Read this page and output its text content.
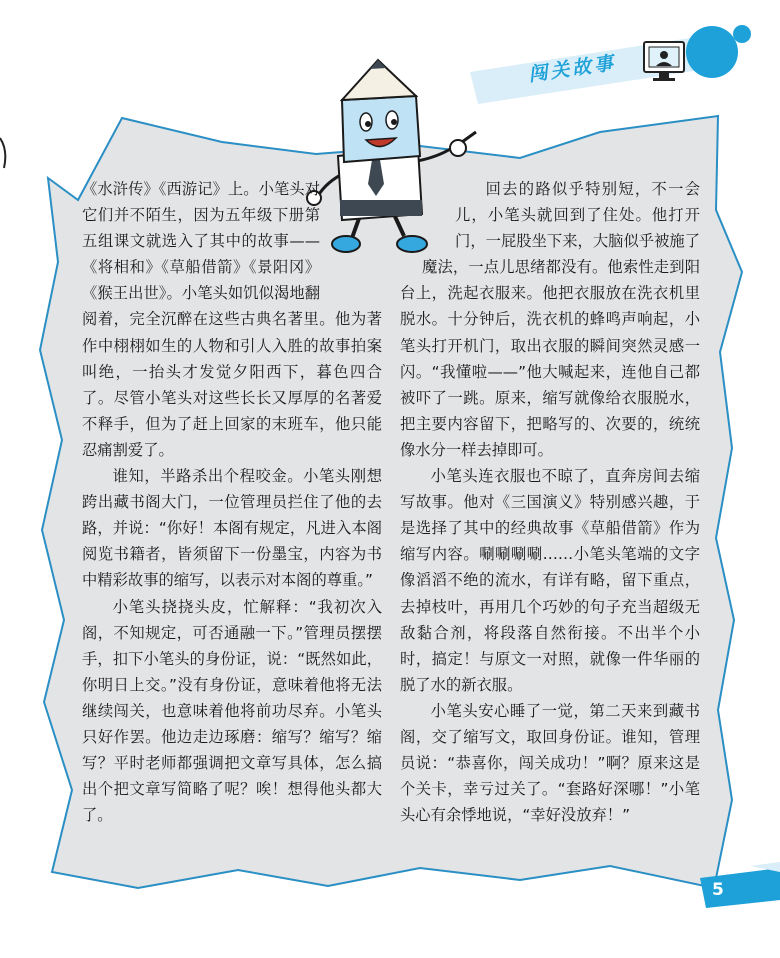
闯关故事

《水浒传》《西游记》上。小笔头对它们并不陌生，因为五年级下册第五组课文就选入了其中的故事——《将相和》《草船借箭》《景阳冈》《猴王出世》。小笔头如饥似渴地翻阅着，完全沉醉在这些古典名著里。他为著作中栩栩如生的人物和引人入胜的故事拍案叫绝，一抬头才发觉夕阳西下，暮色四合了。尽管小笔头对这些长长又厚厚的名著爱不释手，但为了赶上回家的末班车，他只能忍痛割爱了。

谁知，半路杀出个程咬金。小笔头刚想跨出藏书阁大门，一位管理员拦住了他的去路，并说：“你好！本阁有规定，凡进入本阁阅览书籍者，皆须留下一份墨宝，内容为书中精彩故事的缩写，以表示对本阁的尊重。”

小笔头挠挠头皮，忙解释：“我初次入阁，不知规定，可否通融一下。”管理员摆摆手，扣下小笔头的身份证，说：“既然如此，你明日上交。”没有身份证，意味着他将无法继续闯关，也意味着他将前功尽弃。小笔头只好作罢。他边走边琢磨：缩写？缩写？缩写？平时老师都强调把文章写具体，怎么搞出个把文章写简略了呢？唉！想得他头都大了。

回去的路似乎特别短，不一会儿，小笔头就回到了住处。他打开门，一屁股坐下来，大脑似乎被施了魔法，一点儿思绪都没有。他索性走到阳台上，洗起衣服来。他把衣服放在洗衣机里脱水。十分钟后，洗衣机的蜂鸣声响起，小笔头打开机门，取出衣服的瞬间突然灵感一闪。“我懂啦——”他大喊起来，连他自己都被吓了一跳。原来，缩写就像给衣服脱水，把主要内容留下，把略写的、次要的，统统像水分一样去掉即可。

小笔头连衣服也不晾了，直奔房间去缩写故事。他对《三国演义》特别感兴趣，于是选择了其中的经典故事《草船借箭》作为缩写内容。唰唰唰唰……小笔头笔端的文字像滔滔不绝的流水，有详有略，留下重点，去掉枝叶，再用几个巧妙的句子充当超级无敌黏合剂，将段落自然衔接。不出半个小时，搞定！与原文一对照，就像一件华丽的脱了水的新衣服。

小笔头安心睡了一觉，第二天来到藏书阁，交了缩写文，取回身份证。谁知，管理员说：“恭喜你，闯关成功！”啊？原来这是个关卡，幸亏过关了。“套路好深哪！”小笔头心有余悸地说，“幸好没放弃！”

5
